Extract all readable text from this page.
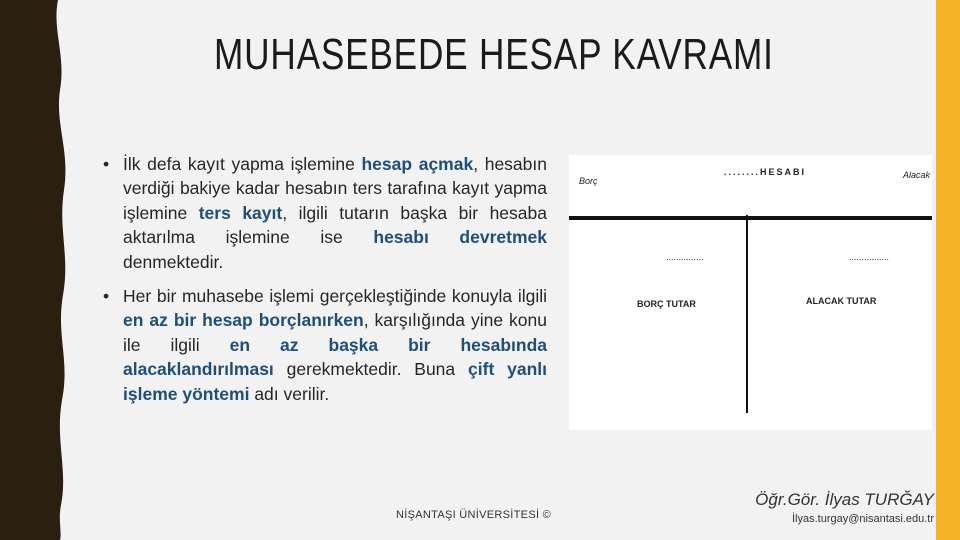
MUHASEBEDE HESAP KAVRAMI
• İlk defa kayıt yapma işlemine hesap açmak, hesabın verdiği bakiye kadar hesabın ters tarafına kayıt yapma işlemine ters kayıt, ilgili tutarın başka bir hesaba aktarılma işlemine ise hesabı devretmek denmektedir.
• Her bir muhasebe işlemi gerçekleştiğinde konuyla ilgili en az bir hesap borçlanırken, karşılığında yine konu ile ilgili en az başka bir hesabında alacaklandırılması gerekmektedir. Buna çift yanlı işleme yöntemi adı verilir.
Borç
........HESABI	Alacak
...............	................
BORÇ TUTAR	ALACAK TUTAR
NİŞANTAŞI ÜNİVERSİTESİ ©
Öğr.Gör. İlyas TURĞAY
İlyas.turgay@nisantasi.edu.tr
